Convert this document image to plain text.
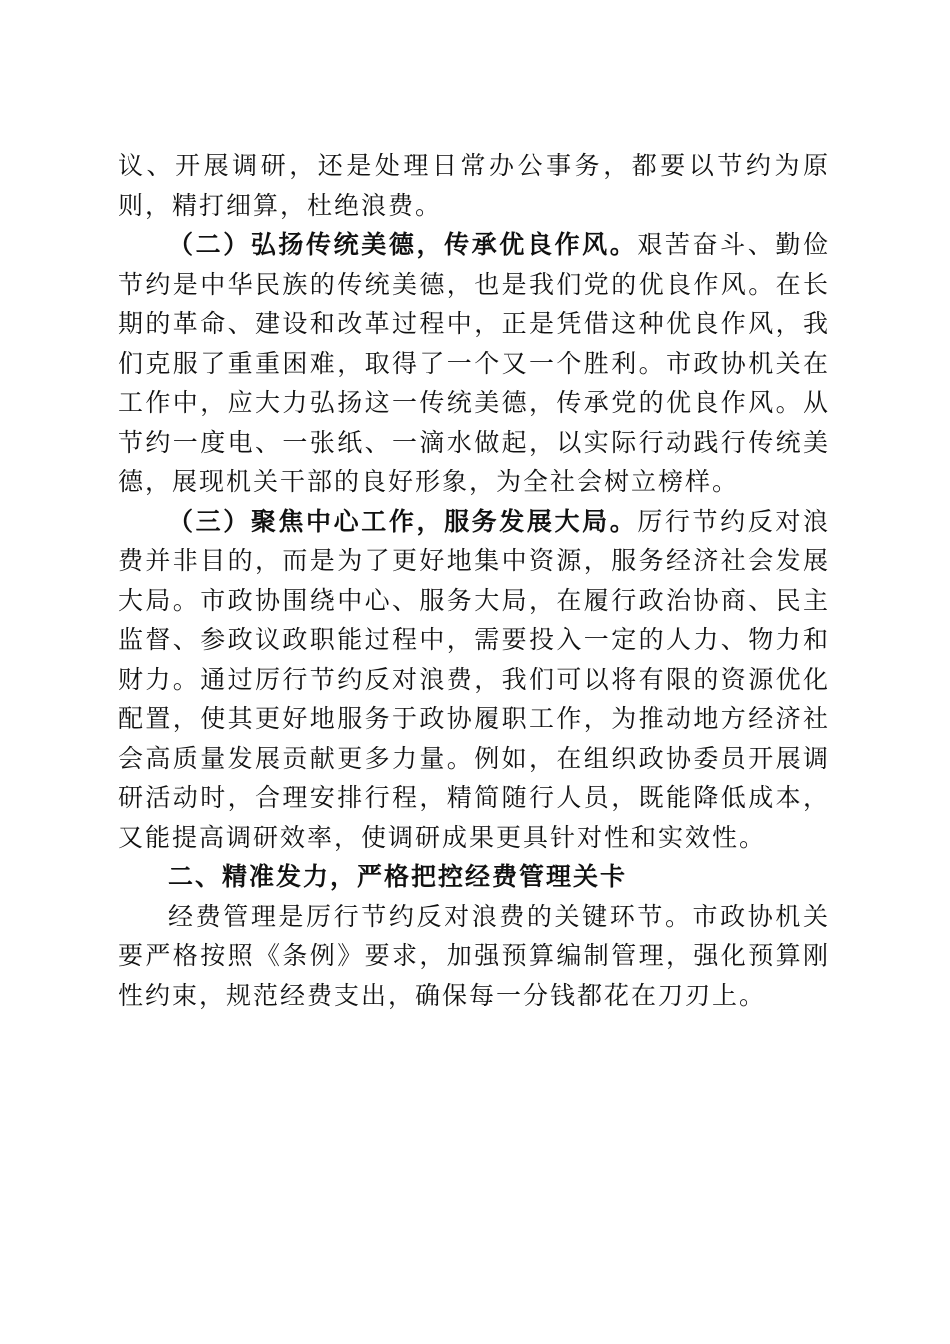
议、开展调研，还是处理日常办公事务，都要以节约为原则，精打细算，杜绝浪费。

（二）弘扬传统美德，传承优良作风。艰苦奋斗、勤俭节约是中华民族的传统美德，也是我们党的优良作风。在长期的革命、建设和改革过程中，正是凭借这种优良作风，我们克服了重重困难，取得了一个又一个胜利。市政协机关在工作中，应大力弘扬这一传统美德，传承党的优良作风。从节约一度电、一张纸、一滴水做起，以实际行动践行传统美德，展现机关干部的良好形象，为全社会树立榜样。

（三）聚焦中心工作，服务发展大局。厉行节约反对浪费并非目的，而是为了更好地集中资源，服务经济社会发展大局。市政协围绕中心、服务大局，在履行政治协商、民主监督、参政议政职能过程中，需要投入一定的人力、物力和财力。通过厉行节约反对浪费，我们可以将有限的资源优化配置，使其更好地服务于政协履职工作，为推动地方经济社会高质量发展贡献更多力量。例如，在组织政协委员开展调研活动时，合理安排行程，精简随行人员，既能降低成本，又能提高调研效率，使调研成果更具针对性和实效性。

二、精准发力，严格把控经费管理关卡

经费管理是厉行节约反对浪费的关键环节。市政协机关要严格按照《条例》要求，加强预算编制管理，强化预算刚性约束，规范经费支出，确保每一分钱都花在刀刃上。
